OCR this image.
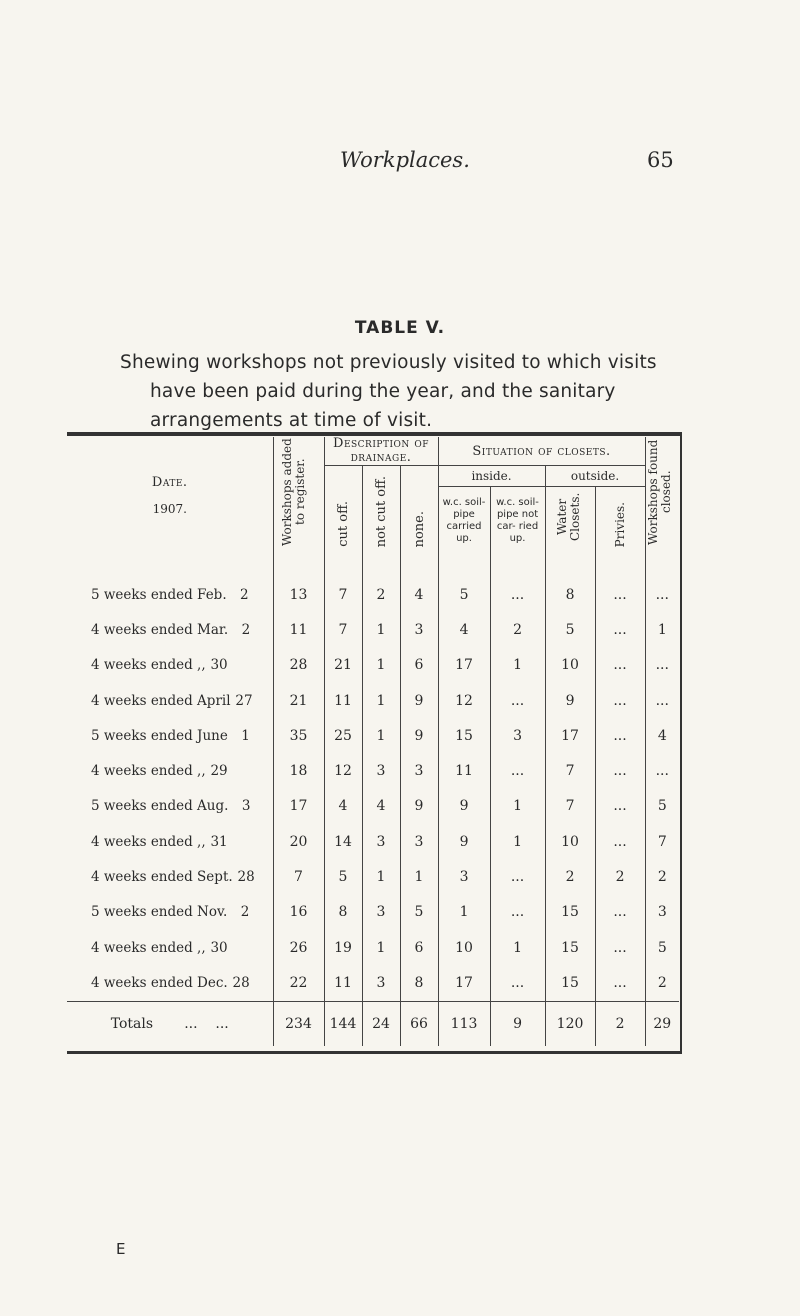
Workplaces.	65
TABLE V.
Shewing workshops not previously visited to which visits
have been paid during the year, and the sanitary
arrangements at time of visit.
Date.
1907.	Workshops added to register.	Description of drainage.			Situation of closets.				Workshops found closed.
		cut off.	not cut off.	none.	inside.		outside.		
					w.c. soil-pipe carried up.	w.c. soil-pipe not car- ried up.	Water Closets.	Privies.	

5 weeks ended Feb. 2	13	7	2	4	5	...	8	...	...
4 weeks ended Mar. 2	11	7	1	3	4	2	5	...	1
4 weeks ended ,, 30	28	21	1	6	17	1	10	...	...
4 weeks ended April 27	21	11	1	9	12	...	9	...	...
5 weeks ended June 1	35	25	1	9	15	3	17	...	4
4 weeks ended ,, 29	18	12	3	3	11	...	7	...	...
5 weeks ended Aug. 3	17	4	4	9	9	1	7	...	5
4 weeks ended ,, 31	20	14	3	3	9	1	10	...	7
4 weeks ended Sept. 28	7	5	1	1	3	...	2	2	2
5 weeks ended Nov. 2	16	8	3	5	1	...	15	...	3
4 weeks ended ,, 30	26	19	1	6	10	1	15	...	5
4 weeks ended Dec. 28	22	11	3	8	17	...	15	...	2
Totals ... ...	234	144	24	66	113	9	120	2	29
E
